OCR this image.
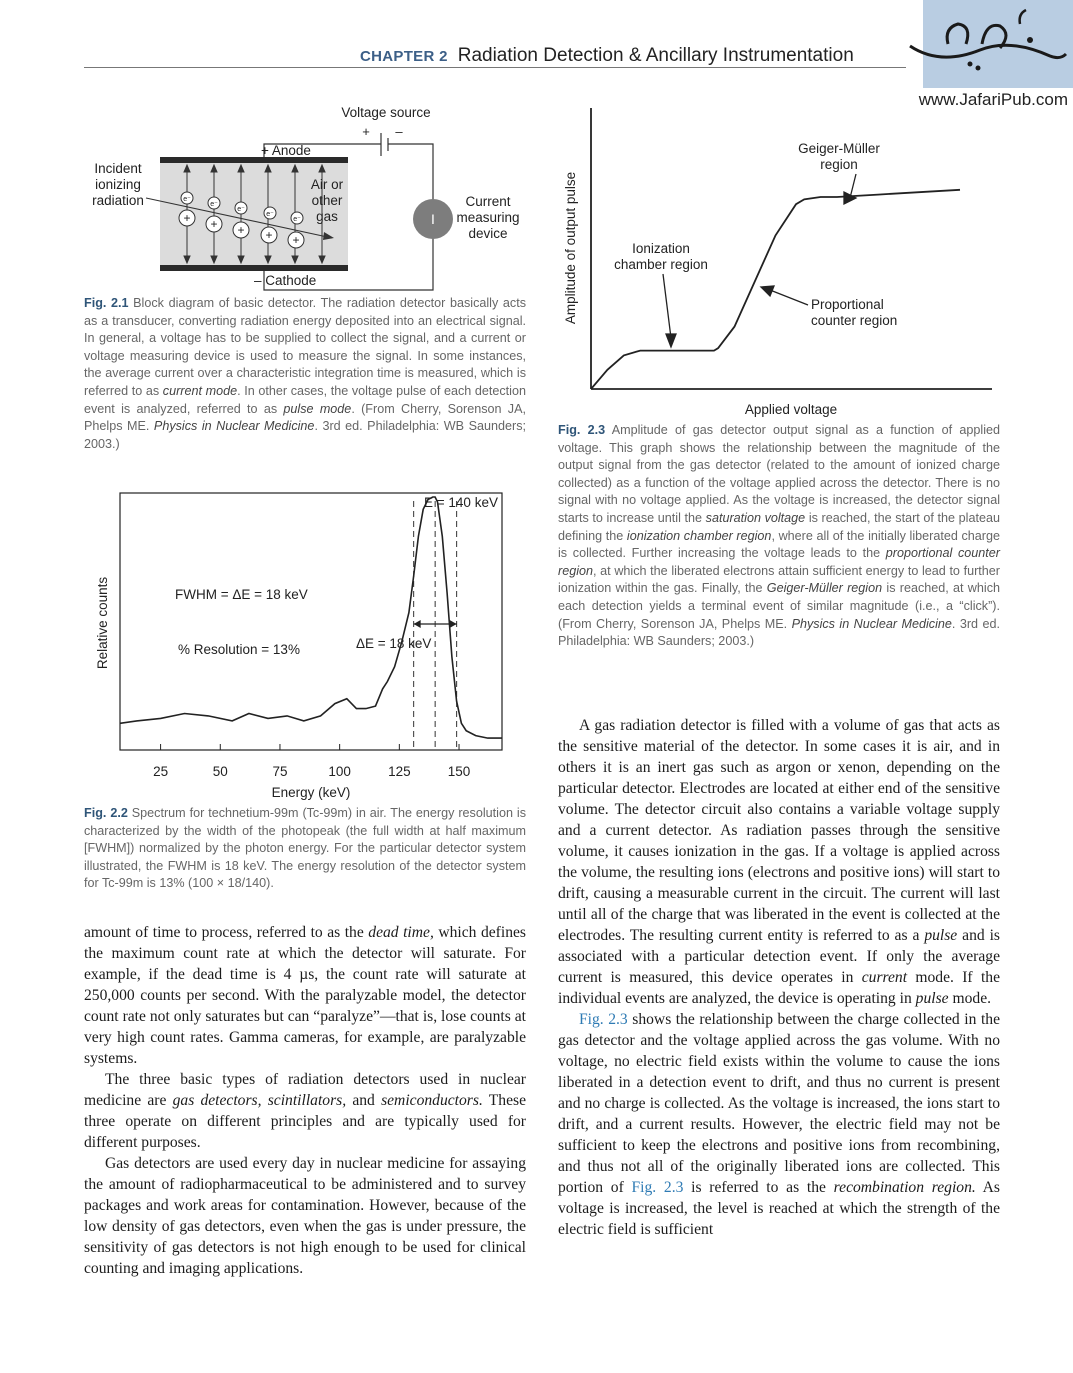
www.JafariPub.com
CHAPTER 2 Radiation Detection & Ancillary Instrumentation
Voltage source
+ –
+ Anode
– Cathode
e⁻
e⁻
e⁻
e⁻
e⁻
+ + + + +
Incident
ionizing
radiation
Air or
other
gas	I
Current
measuring
device
Fig. 2.1 Block diagram of basic detector. The radiation detector basically acts as a transducer, converting radiation energy deposited into an electrical signal. In general, a voltage has to be supplied to collect the signal, and a current or voltage measuring device is used to measure the signal. In some instances, the average current over a characteristic integration time is measured, which is referred to as current mode. In other cases, the voltage pulse of each detection event is analyzed, referred to as pulse mode. (From Cherry, Sorenson JA, Phelps ME. Physics in Nuclear Medicine. 3rd ed. Philadelphia: WB Saunders; 2003.)
Relative counts
25	50	75	100	125	150
E = 140 keV
FWHM = ΔE = 18 keV
% Resolution = 13%	ΔE = 18 keV
Energy (keV)
Fig. 2.2 Spectrum for technetium-99m (Tc-99m) in air. The energy resolution is characterized by the width of the photopeak (the full width at half maximum [FWHM]) normalized by the photon energy. For the particular detector system illustrated, the FWHM is 18 keV. The energy resolution of the detector system for Tc-99m is 13% (100 × 18/140).
Amplitude of output pulse
Geiger-Müller
region
Ionization
chamber region
Proportional
counter region
Applied voltage
Fig. 2.3 Amplitude of gas detector output signal as a function of applied voltage. This graph shows the relationship between the magnitude of the output signal from the gas detector (related to the amount of ionized charge collected) as a function of the voltage applied across the detector. There is no signal with no voltage applied. As the voltage is increased, the detector signal starts to increase until the saturation voltage is reached, the start of the plateau defining the ionization chamber region, where all of the initially liberated charge is collected. Further increasing the voltage leads to the proportional counter region, at which the liberated electrons attain sufficient energy to lead to further ionization within the gas. Finally, the Geiger-Müller region is reached, at which each detection yields a terminal event of similar magnitude (i.e., a “click”). (From Cherry, Sorenson JA, Phelps ME. Physics in Nuclear Medicine. 3rd ed. Philadelphia: WB Saunders; 2003.)

amount of time to process, referred to as the dead time, which defines the maximum count rate at which the detector will saturate. For example, if the dead time is 4 µs, the count rate will saturate at 250,000 counts per second. With the paralyzable model, the detector count rate not only saturates but can “paralyze”—that is, lose counts at very high count rates. Gamma cameras, for example, are paralyzable systems.

The three basic types of radiation detectors used in nuclear medicine are gas detectors, scintillators, and semiconductors. These three operate on different principles and are typically used for different purposes.

Gas detectors are used every day in nuclear medicine for assaying the amount of radiopharmaceutical to be administered and to survey packages and work areas for contamination. However, because of the low density of gas detectors, even when the gas is under pressure, the sensitivity of gas detectors is not high enough to be used for clinical counting and imaging applications.

A gas radiation detector is filled with a volume of gas that acts as the sensitive material of the detector. In some cases it is air, and in others it is an inert gas such as argon or xenon, depending on the particular detector. Electrodes are located at either end of the sensitive volume. The detector circuit also contains a variable voltage supply and a current detector. As radiation passes through the sensitive volume, it causes ionization in the gas. If a voltage is applied across the volume, the resulting ions (electrons and positive ions) will start to drift, causing a measurable current in the circuit. The current will last until all of the charge that was liberated in the event is collected at the electrodes. The resulting current entity is referred to as a pulse and is associated with a particular detection event. If only the average current is measured, this device operates in current mode. If the individual events are analyzed, the device is operating in pulse mode.

Fig. 2.3 shows the relationship between the charge collected in the gas detector and the voltage applied across the gas volume. With no voltage, no electric field exists within the volume to cause the ions liberated in a detection event to drift, and thus no current is present and no charge is collected. As the voltage is increased, the ions start to drift, and a current results. However, the electric field may not be sufficient to keep the electrons and positive ions from recombining, and thus not all of the originally liberated ions are collected. This portion of Fig. 2.3 is referred to as the recombination region. As voltage is increased, the level is reached at which the strength of the electric field is sufficient
